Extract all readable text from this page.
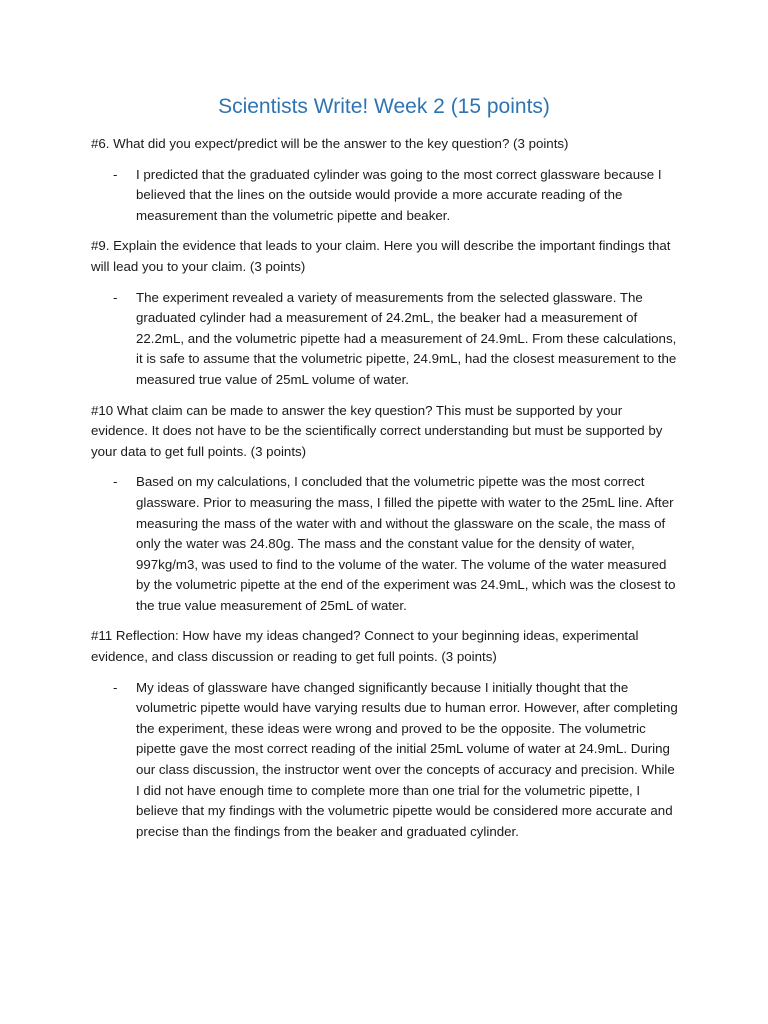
Scientists Write! Week 2 (15 points)
#6. What did you expect/predict will be the answer to the key question? (3 points)
- I predicted that the graduated cylinder was going to the most correct glassware because I believed that the lines on the outside would provide a more accurate reading of the measurement than the volumetric pipette and beaker.
#9. Explain the evidence that leads to your claim. Here you will describe the important findings that will lead you to your claim. (3 points)
- The experiment revealed a variety of measurements from the selected glassware. The graduated cylinder had a measurement of 24.2mL, the beaker had a measurement of 22.2mL, and the volumetric pipette had a measurement of 24.9mL. From these calculations, it is safe to assume that the volumetric pipette, 24.9mL, had the closest measurement to the measured true value of 25mL volume of water.
#10 What claim can be made to answer the key question? This must be supported by your evidence. It does not have to be the scientifically correct understanding but must be supported by your data to get full points. (3 points)
- Based on my calculations, I concluded that the volumetric pipette was the most correct glassware. Prior to measuring the mass, I filled the pipette with water to the 25mL line. After measuring the mass of the water with and without the glassware on the scale, the mass of only the water was 24.80g. The mass and the constant value for the density of water, 997kg/m3, was used to find to the volume of the water. The volume of the water measured by the volumetric pipette at the end of the experiment was 24.9mL, which was the closest to the true value measurement of 25mL of water.
#11 Reflection: How have my ideas changed? Connect to your beginning ideas, experimental evidence, and class discussion or reading to get full points. (3 points)
- My ideas of glassware have changed significantly because I initially thought that the volumetric pipette would have varying results due to human error. However, after completing the experiment, these ideas were wrong and proved to be the opposite. The volumetric pipette gave the most correct reading of the initial 25mL volume of water at 24.9mL. During our class discussion, the instructor went over the concepts of accuracy and precision. While I did not have enough time to complete more than one trial for the volumetric pipette, I believe that my findings with the volumetric pipette would be considered more accurate and precise than the findings from the beaker and graduated cylinder.
